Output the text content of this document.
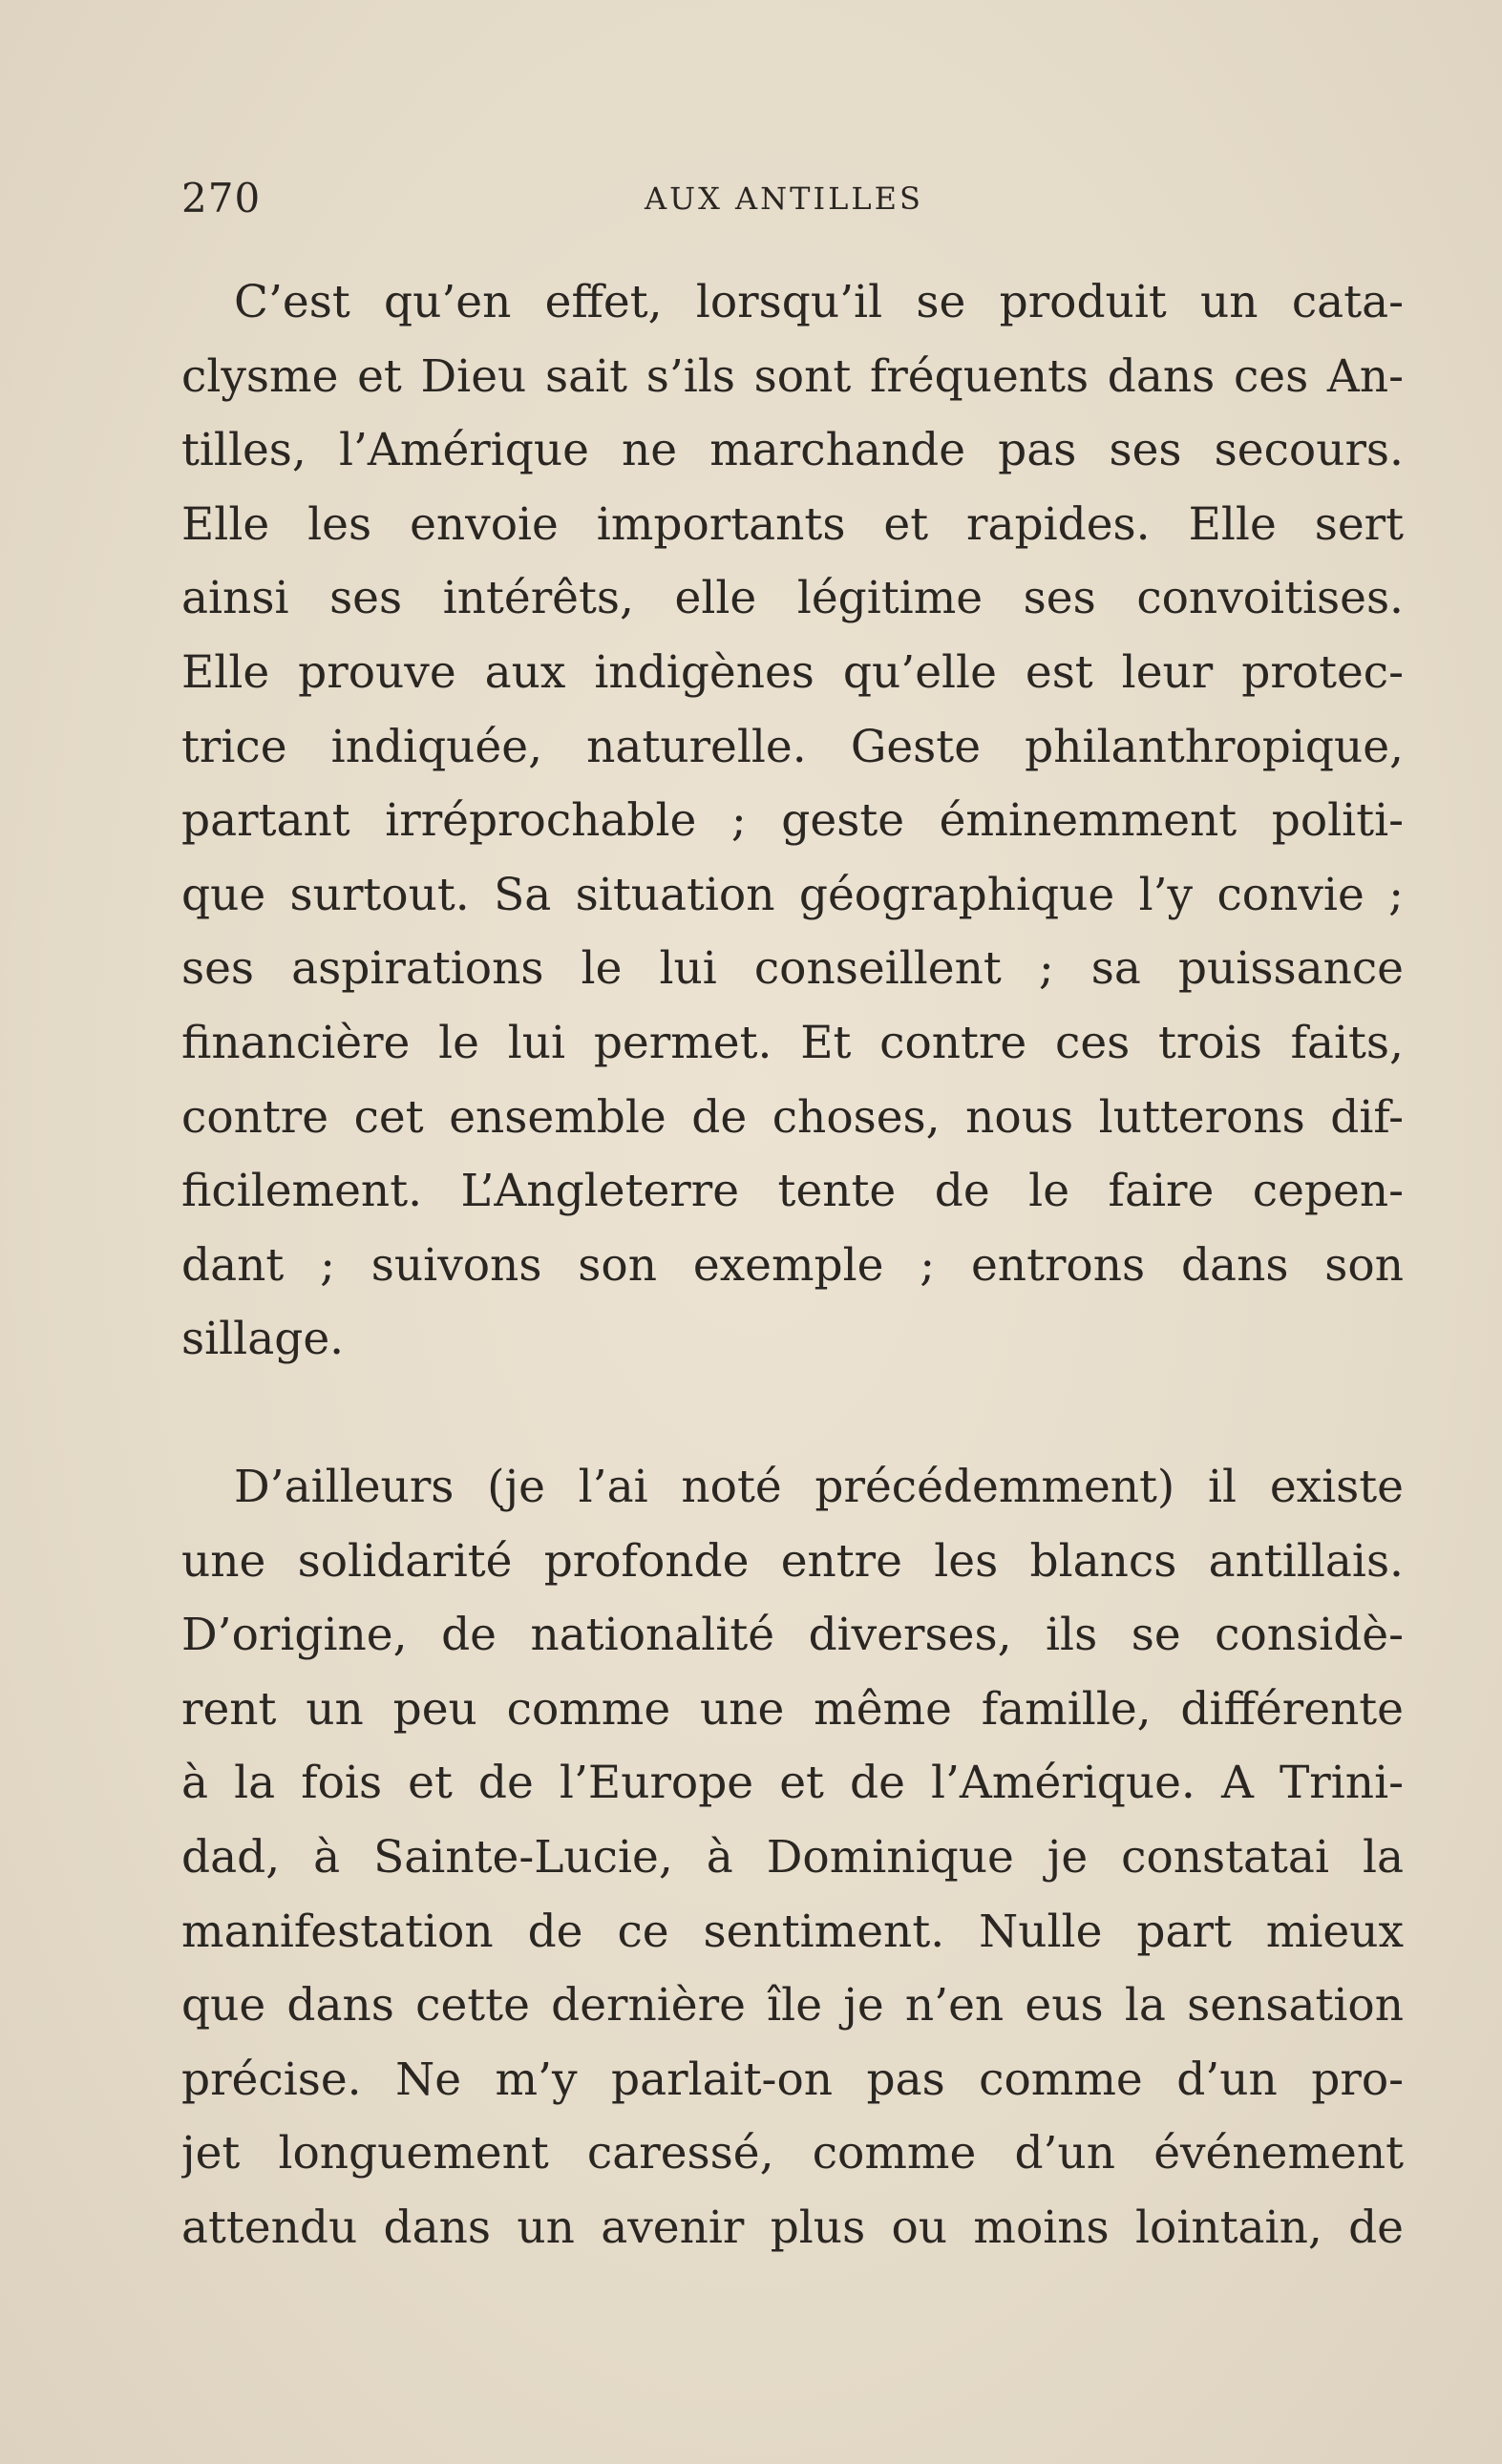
270	AUX ANTILLES
C’est qu’en effet, lorsqu’il se produit un cata-
clysme et Dieu sait s’ils sont fréquents dans ces An-
tilles, l’Amérique ne marchande pas ses secours.
Elle les envoie importants et rapides. Elle sert
ainsi ses intérêts, elle légitime ses convoitises.
Elle prouve aux indigènes qu’elle est leur protec-
trice indiquée, naturelle. Geste philanthropique,
partant irréprochable ; geste éminemment politi-
que surtout. Sa situation géographique l’y convie ;
ses aspirations le lui conseillent ; sa puissance
financière le lui permet. Et contre ces trois faits,
contre cet ensemble de choses, nous lutterons dif-
ficilement. L’Angleterre tente de le faire cepen-
dant ; suivons son exemple ; entrons dans son
sillage.
D’ailleurs (je l’ai noté précédemment) il existe
une solidarité profonde entre les blancs antillais.
D’origine, de nationalité diverses, ils se considè-
rent un peu comme une même famille, différente
à la fois et de l’Europe et de l’Amérique. A Trini-
dad, à Sainte-Lucie, à Dominique je constatai la
manifestation de ce sentiment. Nulle part mieux
que dans cette dernière île je n’en eus la sensation
précise. Ne m’y parlait-on pas comme d’un pro-
jet longuement caressé, comme d’un événement
attendu dans un avenir plus ou moins lointain, de
